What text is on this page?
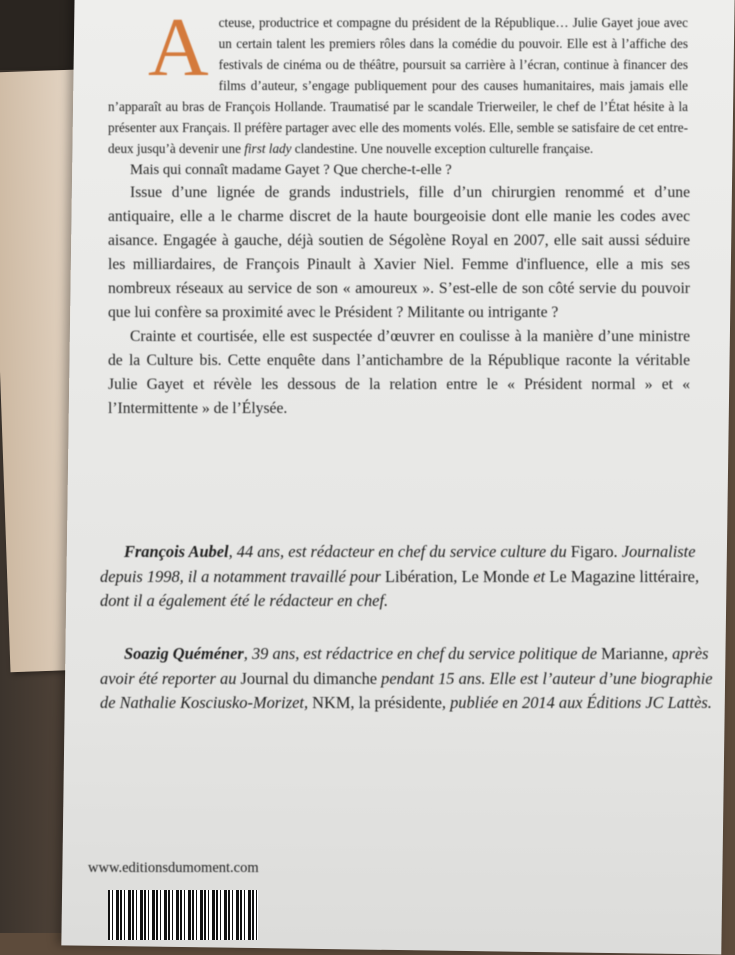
A cteuse, productrice et compagne du président de la République… Julie Gayet joue avec un certain talent les premiers rôles dans la comédie du pouvoir. Elle est à l’affiche des festivals de cinéma ou de théâtre, poursuit sa carrière à l’écran, continue à financer des films d’auteur, s’engage publiquement pour des causes humanitaires, mais jamais elle n’apparaît au bras de François Hollande. Traumatisé par le scandale Trierweiler, le chef de l’État hésite à la présenter aux Français. Il préfère partager avec elle des moments volés. Elle, semble se satisfaire de cet entre-deux jusqu’à devenir une first lady clandestine. Une nouvelle exception culturelle française.

Mais qui connaît madame Gayet ? Que cherche-t-elle ?

Issue d’une lignée de grands industriels, fille d’un chirurgien renommé et d’une antiquaire, elle a le charme discret de la haute bourgeoisie dont elle manie les codes avec aisance. Engagée à gauche, déjà soutien de Ségolène Royal en 2007, elle sait aussi séduire les milliardaires, de François Pinault à Xavier Niel. Femme d'influence, elle a mis ses nombreux réseaux au service de son « amoureux ». S’est-elle de son côté servie du pouvoir que lui confère sa proximité avec le Président ? Militante ou intrigante ?

Crainte et courtisée, elle est suspectée d’œuvrer en coulisse à la manière d’une ministre de la Culture bis. Cette enquête dans l’antichambre de la République raconte la véritable Julie Gayet et révèle les dessous de la relation entre le « Président normal » et « l’Intermittente » de l’Élysée.

François Aubel, 44 ans, est rédacteur en chef du service culture du Figaro. Journaliste depuis 1998, il a notamment travaillé pour Libération, Le Monde et Le Magazine littéraire, dont il a également été le rédacteur en chef.

Soazig Quéméner, 39 ans, est rédactrice en chef du service politique de Marianne, après avoir été reporter au Journal du dimanche pendant 15 ans. Elle est l’auteur d’une biographie de Nathalie Kosciusko-Morizet, NKM, la présidente, publiée en 2014 aux Éditions JC Lattès.

www.editionsdumoment.com
